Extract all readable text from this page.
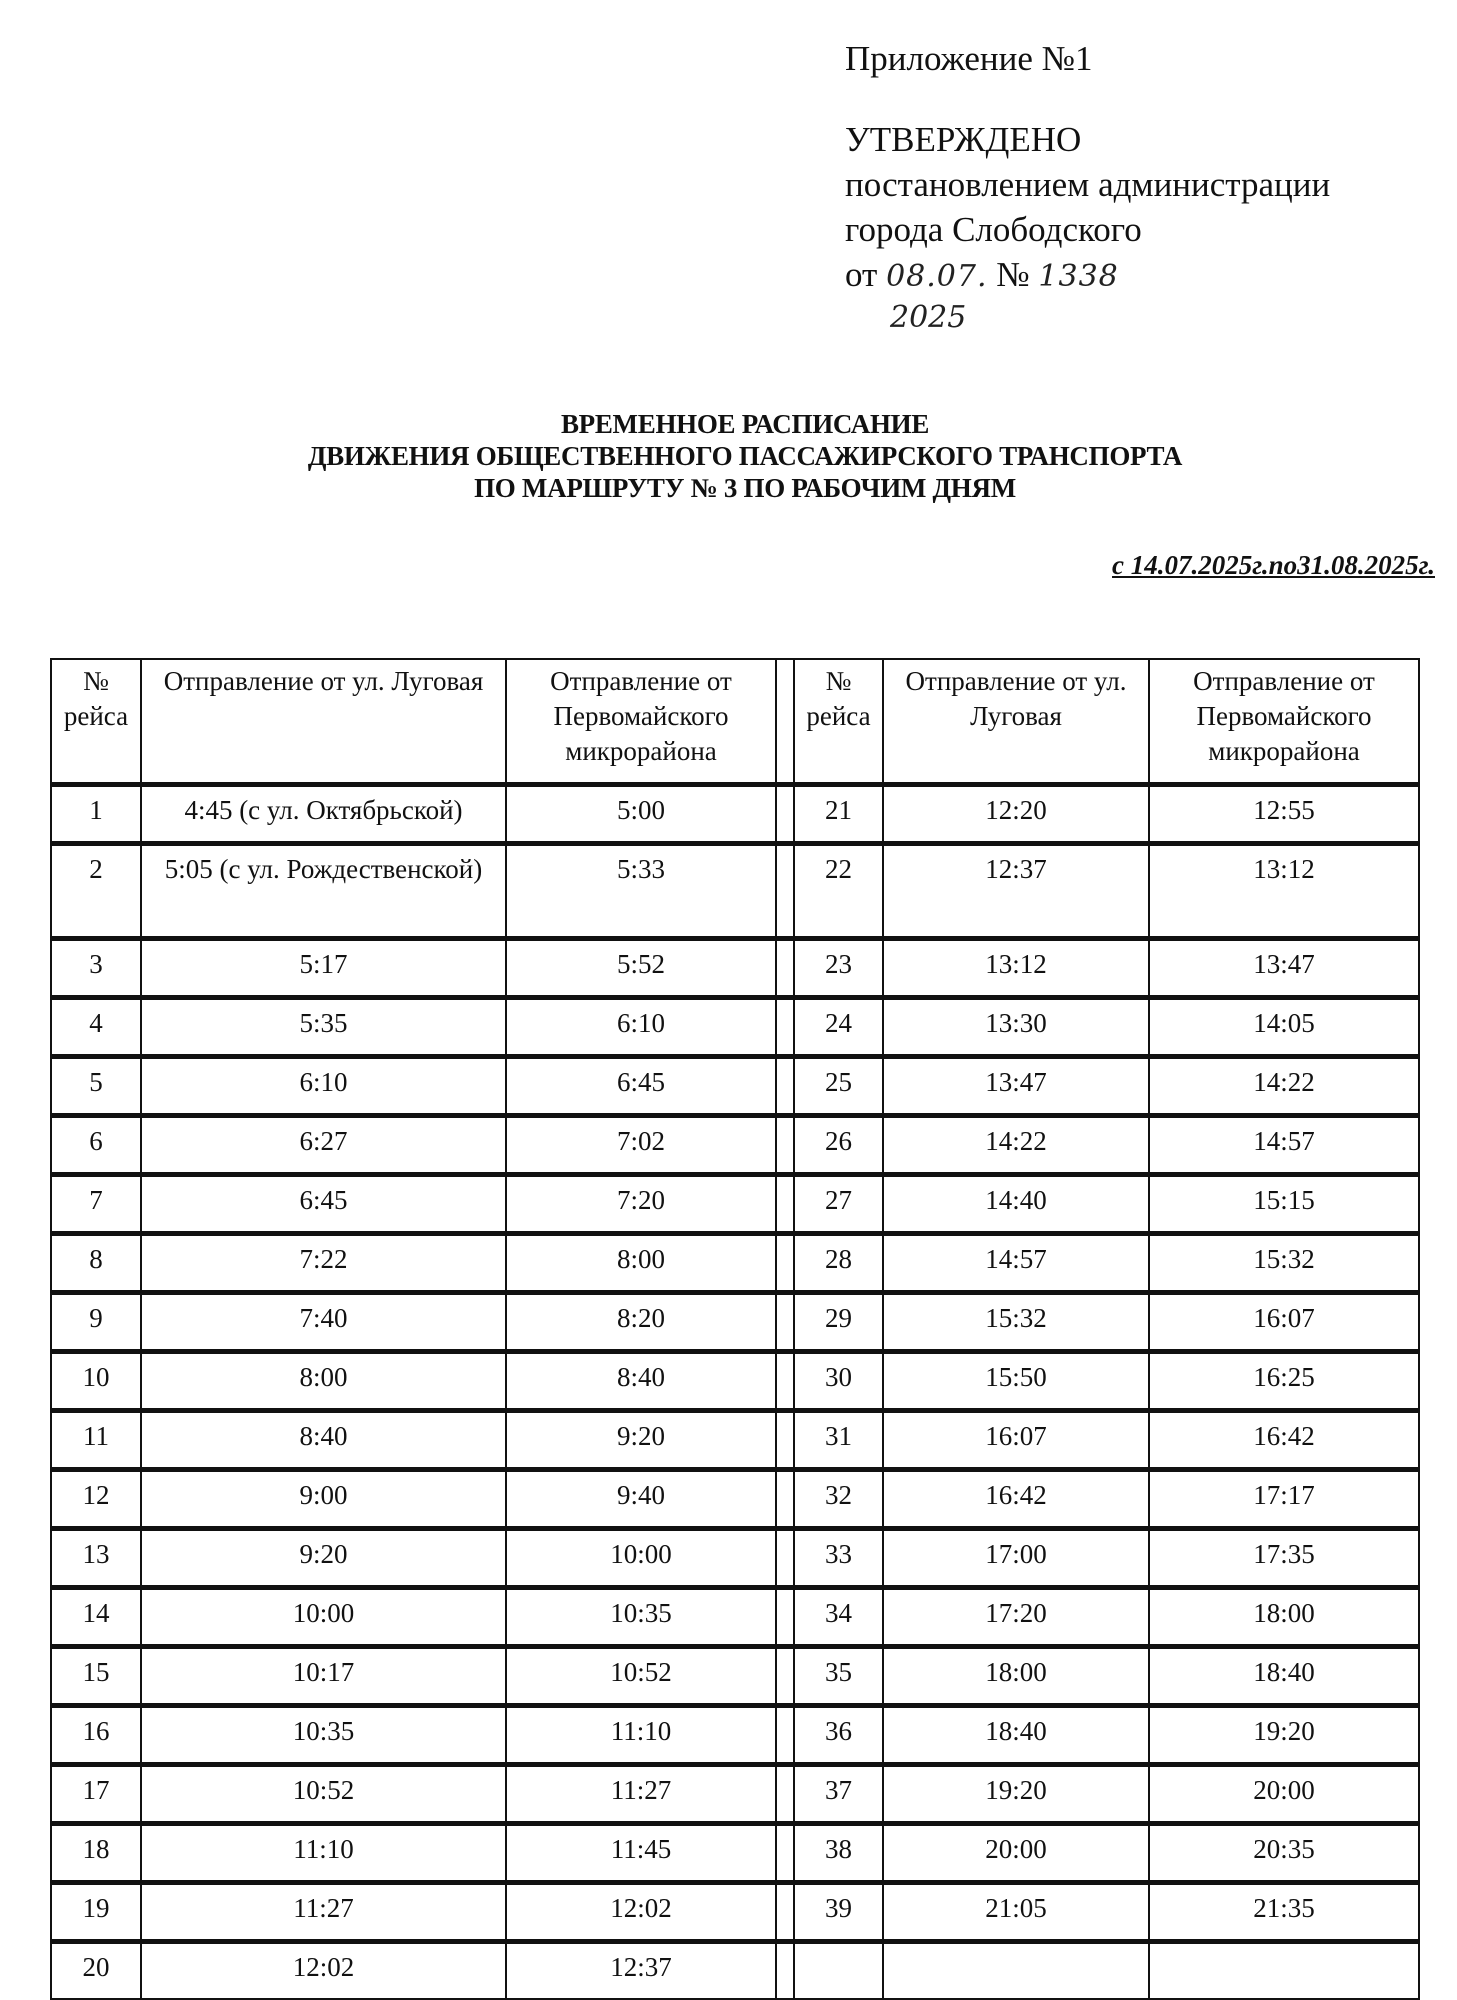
Приложение №1
УТВЕРЖДЕНО
постановлением администрации
города Слободского
от 08.07. № 1338
2025
ВРЕМЕННОЕ РАСПИСАНИЕ
ДВИЖЕНИЯ ОБЩЕСТВЕННОГО ПАССАЖИРСКОГО ТРАНСПОРТА
ПО МАРШРУТУ № 3 ПО РАБОЧИМ ДНЯМ
с 14.07.2025г.по31.08.2025г.
№ рейса	Отправление от ул. Луговая	Отправление от Первомайского микрорайона		№ рейса	Отправление от ул. Луговая	Отправление от Первомайского микрорайона
1	4:45 (с ул. Октябрьской)	5:00		21	12:20	12:55
2	5:05 (с ул. Рождественской)	5:33		22	12:37	13:12
3	5:17	5:52		23	13:12	13:47
4	5:35	6:10		24	13:30	14:05
5	6:10	6:45		25	13:47	14:22
6	6:27	7:02		26	14:22	14:57
7	6:45	7:20		27	14:40	15:15
8	7:22	8:00		28	14:57	15:32
9	7:40	8:20		29	15:32	16:07
10	8:00	8:40		30	15:50	16:25
11	8:40	9:20		31	16:07	16:42
12	9:00	9:40		32	16:42	17:17
13	9:20	10:00		33	17:00	17:35
14	10:00	10:35		34	17:20	18:00
15	10:17	10:52		35	18:00	18:40
16	10:35	11:10		36	18:40	19:20
17	10:52	11:27		37	19:20	20:00
18	11:10	11:45		38	20:00	20:35
19	11:27	12:02		39	21:05	21:35
20	12:02	12:37				
